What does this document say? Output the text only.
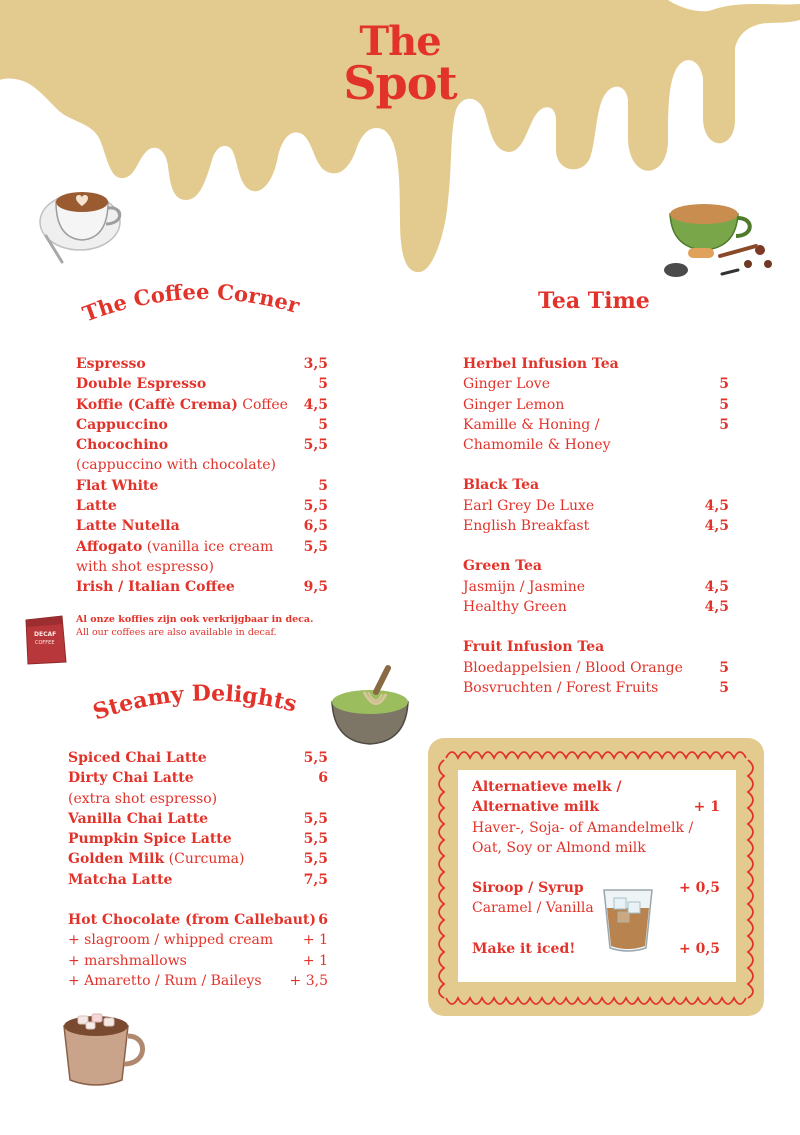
The
Spot
The Coffee Corner	Tea Time
Espresso	3,5
Double Espresso	5
Koffie (Caffè Crema) Coffee 4,5
Cappuccino	5
Chocochino	5,5
(cappuccino with chocolate)
Flat White	5
Latte	5,5
Latte Nutella	6,5
Affogato (vanilla ice cream 5,5
with shot espresso)
Irish / Italian Coffee	9,5
DECAF
COFFEE
Al onze koffies zijn ook verkrijgbaar in deca.
All our coffees are also available in decaf.
Steamy Delights
Spiced Chai Latte	5,5
Dirty Chai Latte	6
(extra shot espresso)
Vanilla Chai Latte	5,5
Pumpkin Spice Latte	5,5
Golden Milk (Curcuma)	5,5
Matcha Latte	7,5
Hot Chocolate (from Callebaut) 6
+ slagroom / whipped cream + 1
+ marshmallows	+ 1
+ Amaretto / Rum / Baileys + 3,5
Herbel Infusion Tea
Ginger Love	5
Ginger Lemon	5
Kamille & Honing /	5
Chamomile & Honey
Black Tea
Earl Grey De Luxe	4,5
English Breakfast	4,5
Green Tea
Jasmijn / Jasmine	4,5
Healthy Green	4,5
Fruit Infusion Tea
Bloedappelsien / Blood Orange	5
Bosvruchten / Forest Fruits	5
Alternatieve melk /
Alternative milk	+ 1
Haver-, Soja- of Amandelmelk /
Oat, Soy or Almond milk
Siroop / Syrup	+ 0,5
Caramel / Vanilla
Make it iced!	+ 0,5
